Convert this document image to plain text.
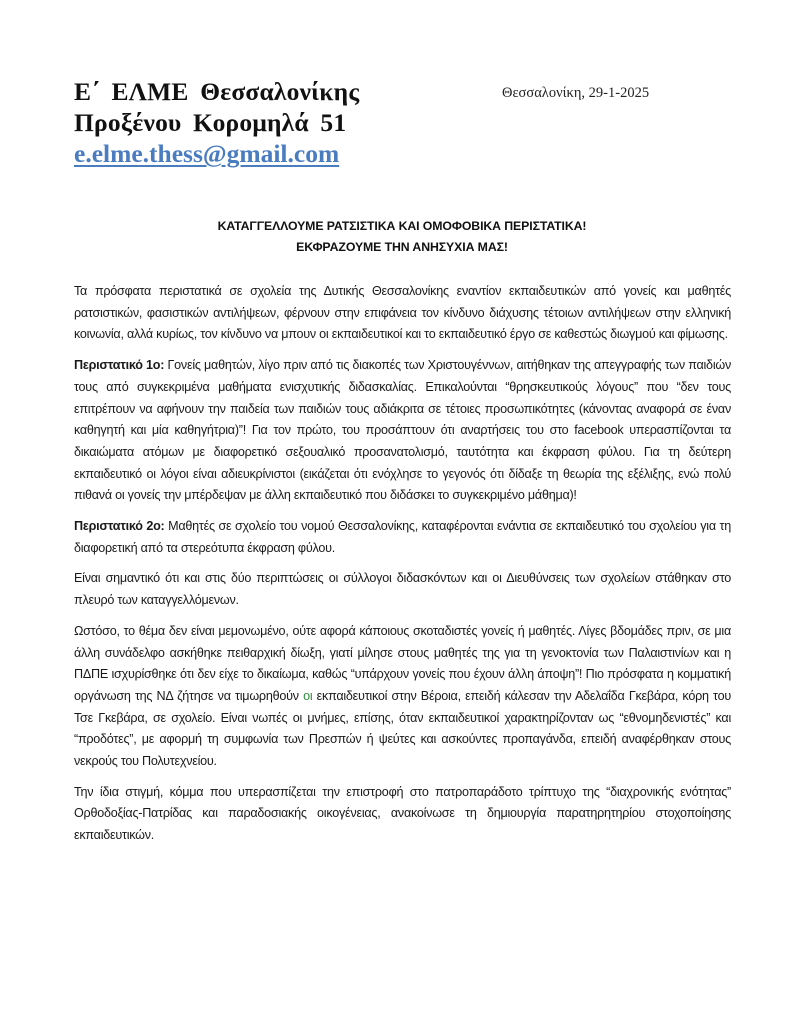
Ε΄ ΕΛΜΕ Θεσσαλονίκης
Προξένου Κορομηλά 51
e.elme.thess@gmail.com
Θεσσαλονίκη, 29-1-2025
ΚΑΤΑΓΓΕΛΛΟΥΜΕ ΡΑΤΣΙΣΤΙΚΑ ΚΑΙ ΟΜΟΦΟΒΙΚΑ ΠΕΡΙΣΤΑΤΙΚΑ!
ΕΚΦΡΑΖΟΥΜΕ ΤΗΝ ΑΝΗΣΥΧΙΑ ΜΑΣ!

Τα πρόσφατα περιστατικά σε σχολεία της Δυτικής Θεσσαλονίκης εναντίον εκπαιδευτικών από γονείς και μαθητές ρατσιστικών, φασιστικών αντιλήψεων, φέρνουν στην επιφάνεια τον κίνδυνο διάχυσης τέτοιων αντιλήψεων στην ελληνική κοινωνία, αλλά κυρίως, τον κίνδυνο να μπουν οι εκπαιδευτικοί και το εκπαιδευτικό έργο σε καθεστώς διωγμού και φίμωσης.

Περιστατικό 1ο: Γονείς μαθητών, λίγο πριν από τις διακοπές των Χριστουγέννων, αιτήθηκαν της απεγγραφής των παιδιών τους από συγκεκριμένα μαθήματα ενισχυτικής διδασκαλίας. Επικαλούνται “θρησκευτικούς λόγους” που “δεν τους επιτρέπουν να αφήνουν την παιδεία των παιδιών τους αδιάκριτα σε τέτοιες προσωπικότητες (κάνοντας αναφορά σε έναν καθηγητή και μία καθηγήτρια)”! Για τον πρώτο, του προσάπτουν ότι αναρτήσεις του στο facebook υπερασπίζονται τα δικαιώματα ατόμων με διαφορετικό σεξουαλικό προσανατολισμό, ταυτότητα και έκφραση φύλου. Για τη δεύτερη εκπαιδευτικό οι λόγοι είναι αδιευκρίνιστοι (εικάζεται ότι ενόχλησε το γεγονός ότι δίδαξε τη θεωρία της εξέλιξης, ενώ πολύ πιθανά οι γονείς την μπέρδεψαν με άλλη εκπαιδευτικό που διδάσκει το συγκεκριμένο μάθημα)!

Περιστατικό 2ο: Μαθητές σε σχολείο του νομού Θεσσαλονίκης, καταφέρονται ενάντια σε εκπαιδευτικό του σχολείου για τη διαφορετική από τα στερεότυπα έκφραση φύλου.

Είναι σημαντικό ότι και στις δύο περιπτώσεις οι σύλλογοι διδασκόντων και οι Διευθύνσεις των σχολείων στάθηκαν στο πλευρό των καταγγελλόμενων.

Ωστόσο, το θέμα δεν είναι μεμονωμένο, ούτε αφορά κάποιους σκοταδιστές γονείς ή μαθητές. Λίγες βδομάδες πριν, σε μια άλλη συνάδελφο ασκήθηκε πειθαρχική δίωξη, γιατί μίλησε στους μαθητές της για τη γενοκτονία των Παλαιστινίων και η ΠΔΠΕ ισχυρίσθηκε ότι δεν είχε το δικαίωμα, καθώς “υπάρχουν γονείς που έχουν άλλη άποψη”! Πιο πρόσφατα η κομματική οργάνωση της ΝΔ ζήτησε να τιμωρηθούν οι εκπαιδευτικοί στην Βέροια, επειδή κάλεσαν την Αδελαΐδα Γκεβάρα, κόρη του Τσε Γκεβάρα, σε σχολείο. Είναι νωπές οι μνήμες, επίσης, όταν εκπαιδευτικοί χαρακτηρίζονταν ως “εθνομηδενιστές” και “προδότες”, με αφορμή τη συμφωνία των Πρεσπών ή ψεύτες και ασκούντες προπαγάνδα, επειδή αναφέρθηκαν στους νεκρούς του Πολυτεχνείου.

Την ίδια στιγμή, κόμμα που υπερασπίζεται την επιστροφή στο πατροπαράδοτο τρίπτυχο της “διαχρονικής ενότητας” Ορθοδοξίας-Πατρίδας και παραδοσιακής οικογένειας, ανακοίνωσε τη δημιουργία παρατηρητηρίου στοχοποίησης εκπαιδευτικών.
